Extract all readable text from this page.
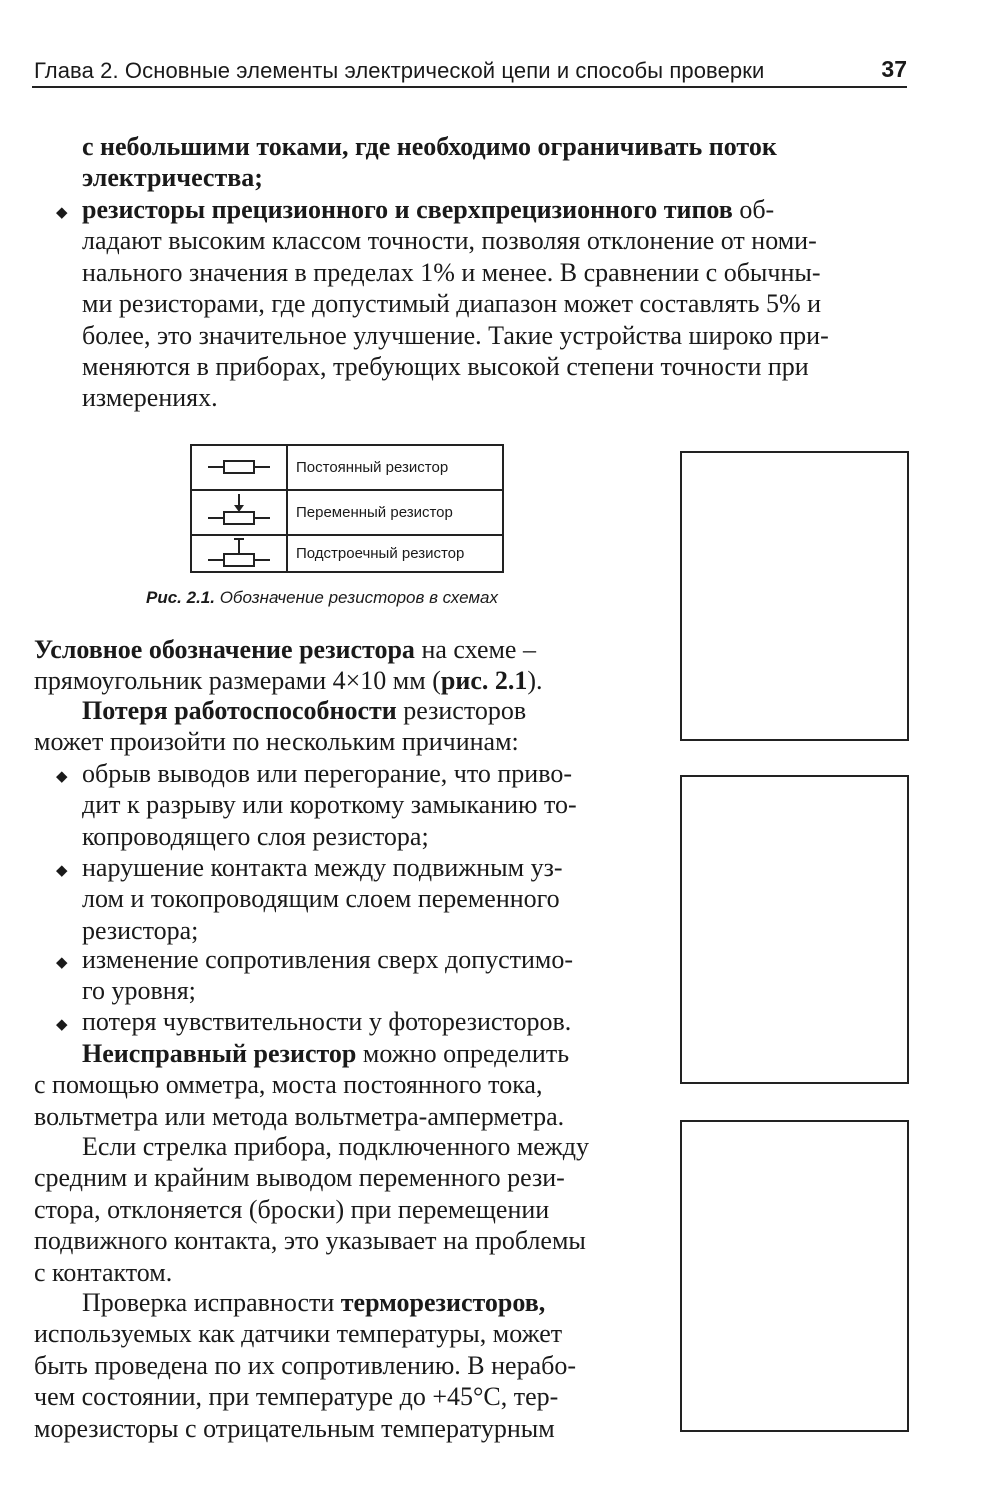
Глава 2. Основные элементы электрической цепи и способы проверки	37

с небольшими токами, где необходимо ограничивать поток
электричества;

◆ резисторы прецизионного и сверхпрецизионного типов об-
ладают высоким классом точности, позволяя отклонение от номи-
нального значения в пределах 1% и менее. В сравнении с обычны-
ми резисторами, где допустимый диапазон может составлять 5% и
более, это значительное улучшение. Такие устройства широко при-
меняются в приборах, требующих высокой степени точности при
измерениях.

Постоянный резистор
Переменный резистор
Подстроечный резистор
Рис. 2.1. Обозначение резисторов в схемах

Условное обозначение резистора на схеме –
прямоугольник размерами 4×10 мм (рис. 2.1).

Потеря работоспособности резисторов
может произойти по нескольким причинам:

◆ обрыв выводов или перегорание, что приво-
дит к разрыву или короткому замыканию то-
копроводящего слоя резистора;

◆ нарушение контакта между подвижным уз-
лом и токопроводящим слоем переменного
резистора;

◆ изменение сопротивления сверх допустимо-
го уровня;

◆ потеря чувствительности у фоторезисторов.

Неисправный резистор можно определить
с помощью омметра, моста постоянного тока,
вольтметра или метода вольтметра-амперметра.

Если стрелка прибора, подключенного между
средним и крайним выводом переменного рези-
стора, отклоняется (броски) при перемещении
подвижного контакта, это указывает на проблемы
с контактом.

Проверка исправности терморезисторов,
используемых как датчики температуры, может
быть проведена по их сопротивлению. В нерабо-
чем состоянии, при температуре до +45°C, тер-
морезисторы с отрицательным температурным
